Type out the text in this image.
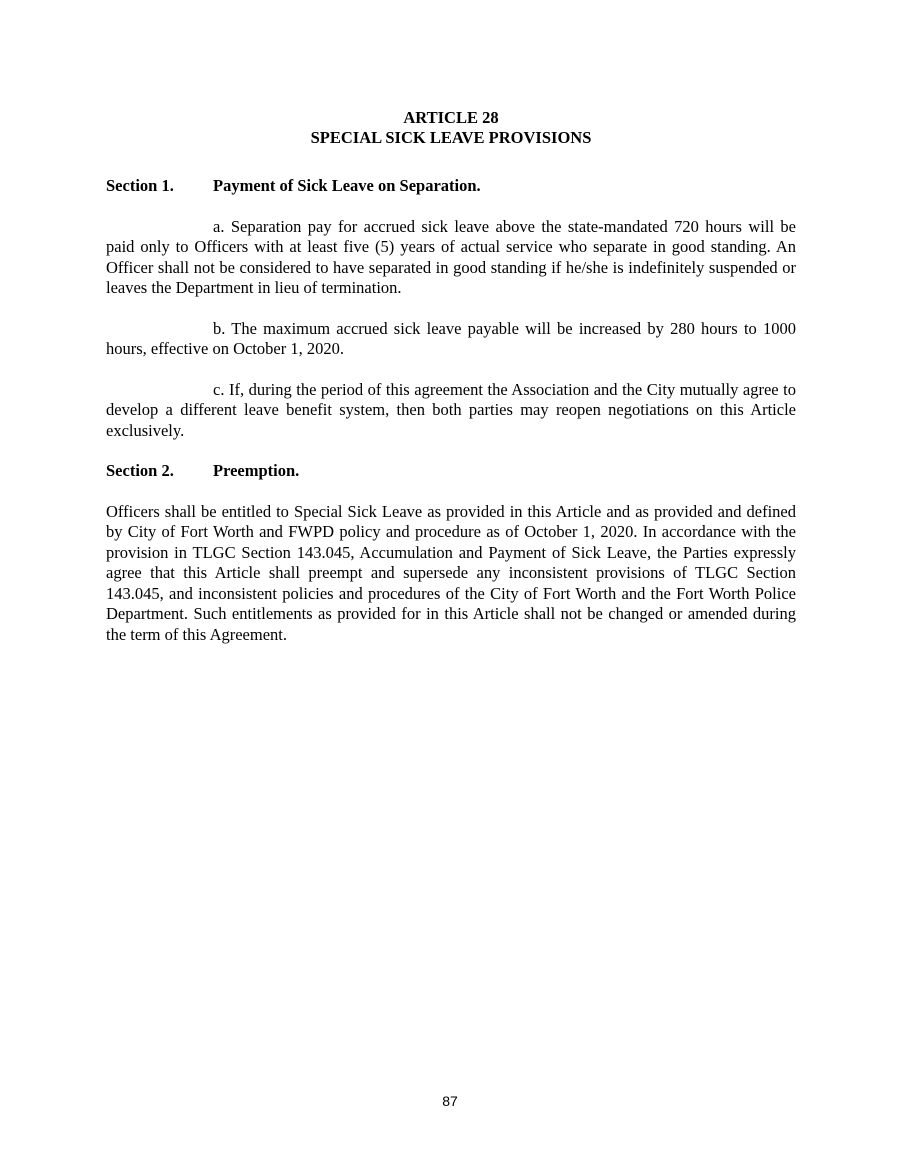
ARTICLE 28
SPECIAL SICK LEAVE PROVISIONS
Section 1.	Payment of Sick Leave on Separation.

a. Separation pay for accrued sick leave above the state-mandated 720 hours will be paid only to Officers with at least five (5) years of actual service who separate in good standing. An Officer shall not be considered to have separated in good standing if he/she is indefinitely suspended or leaves the Department in lieu of termination.

b. The maximum accrued sick leave payable will be increased by 280 hours to 1000 hours, effective on October 1, 2020.

c. If, during the period of this agreement the Association and the City mutually agree to develop a different leave benefit system, then both parties may reopen negotiations on this Article exclusively.

Section 2.	Preemption.

Officers shall be entitled to Special Sick Leave as provided in this Article and as provided and defined by City of Fort Worth and FWPD policy and procedure as of October 1, 2020. In accordance with the provision in TLGC Section 143.045, Accumulation and Payment of Sick Leave, the Parties expressly agree that this Article shall preempt and supersede any inconsistent provisions of TLGC Section 143.045, and inconsistent policies and procedures of the City of Fort Worth and the Fort Worth Police Department. Such entitlements as provided for in this Article shall not be changed or amended during the term of this Agreement.

87
